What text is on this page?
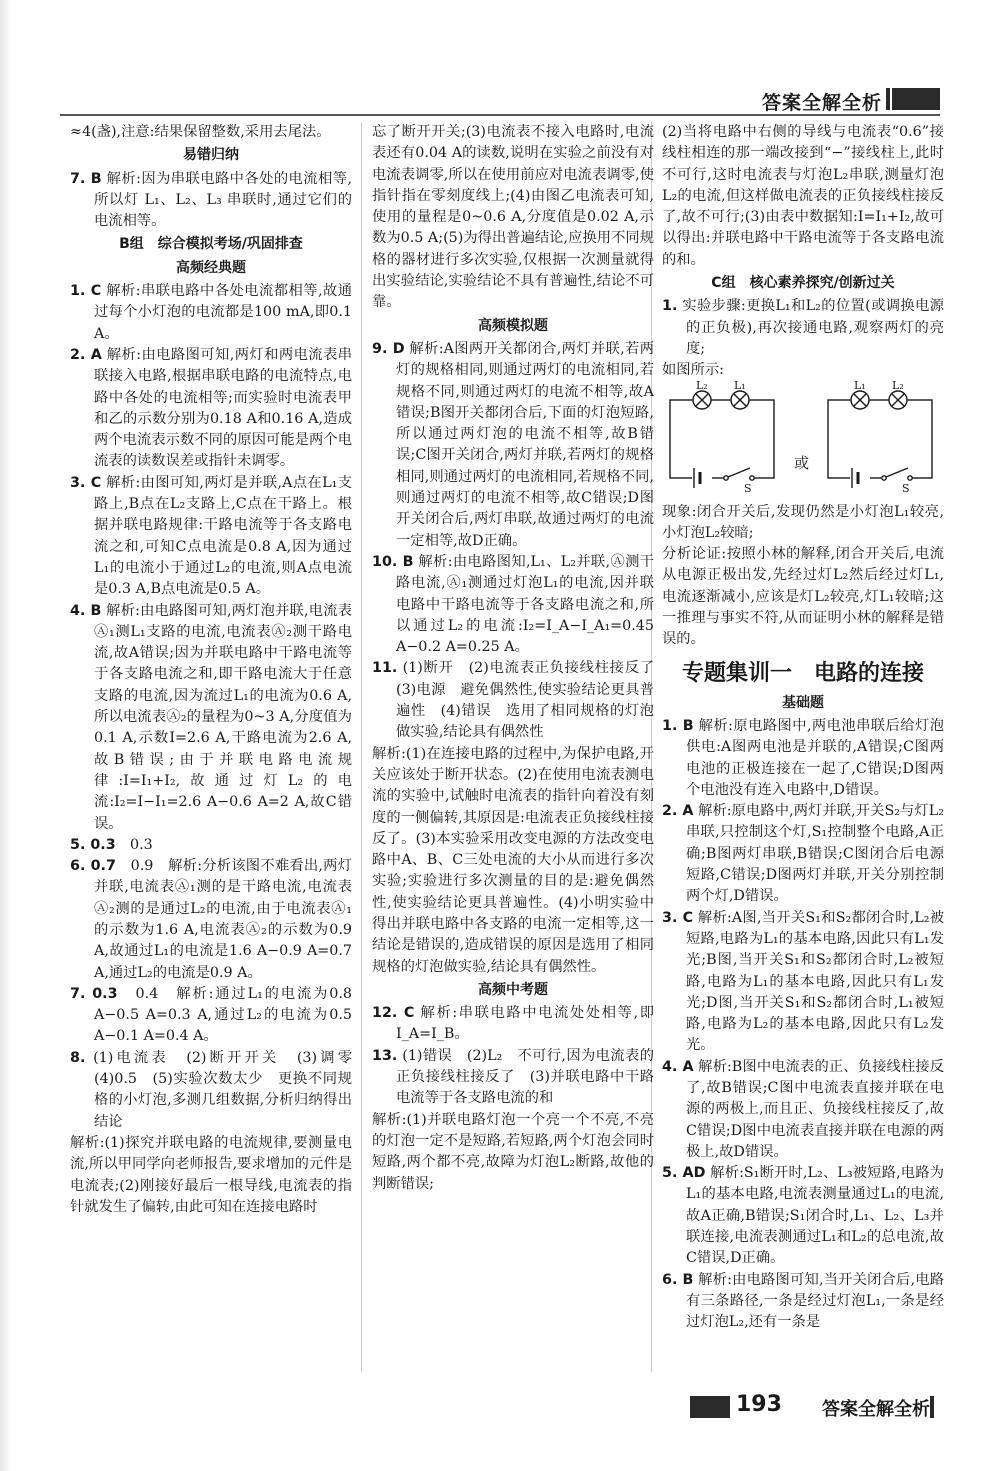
答案全解全析

≈4(盏),注意:结果保留整数,采用去尾法。

易错归纳

7. B 解析:因为串联电路中各处的电流相等,所以灯 L₁、L₂、L₃ 串联时,通过它们的电流相等。

B组　综合模拟考场/巩固排查

高频经典题

1. C 解析:串联电路中各处电流都相等,故通过每个小灯泡的电流都是100 mA,即0.1 A。

2. A 解析:由电路图可知,两灯和两电流表串联接入电路,根据串联电路的电流特点,电路中各处的电流相等;而实验时电流表甲和乙的示数分别为0.18 A和0.16 A,造成两个电流表示数不同的原因可能是两个电流表的读数误差或指针未调零。

3. C 解析:由图可知,两灯是并联,A点在L₁支路上,B点在L₂支路上,C点在干路上。根据并联电路规律:干路电流等于各支路电流之和,可知C点电流是0.8 A,因为通过L₁的电流小于通过L₂的电流,则A点电流是0.3 A,B点电流是0.5 A。

4. B 解析:由电路图可知,两灯泡并联,电流表Ⓐ₁测L₁支路的电流,电流表Ⓐ₂测干路电流,故A错误;因为并联电路中干路电流等于各支路电流之和,即干路电流大于任意支路的电流,因为流过L₁的电流为0.6 A,所以电流表Ⓐ₂的量程为0~3 A,分度值为0.1 A,示数I=2.6 A,干路电流为2.6 A,故B错误;由于并联电路电流规律:I=I₁+I₂,故通过灯L₂的电流:I₂=I−I₁=2.6 A−0.6 A=2 A,故C错误。

5. 0.3　0.3

6. 0.7　0.9　解析:分析该图不难看出,两灯并联,电流表Ⓐ₁测的是干路电流,电流表Ⓐ₂测的是通过L₂的电流,由于电流表Ⓐ₁的示数为1.6 A,电流表Ⓐ₂的示数为0.9 A,故通过L₁的电流是1.6 A−0.9 A=0.7 A,通过L₂的电流是0.9 A。

7. 0.3　0.4　解析:通过L₁的电流为0.8 A−0.5 A=0.3 A,通过L₂的电流为0.5 A−0.1 A=0.4 A。

8. (1)电流表　(2)断开开关　(3)调零　(4)0.5　(5)实验次数太少　更换不同规格的小灯泡,多测几组数据,分析归纳得出结论

解析:(1)探究并联电路的电流规律,要测量电流,所以甲同学向老师报告,要求增加的元件是电流表;(2)刚接好最后一根导线,电流表的指针就发生了偏转,由此可知在连接电路时

忘了断开开关;(3)电流表不接入电路时,电流表还有0.04 A的读数,说明在实验之前没有对电流表调零,所以在使用前应对电流表调零,使指针指在零刻度线上;(4)由图乙电流表可知,使用的量程是0~0.6 A,分度值是0.02 A,示数为0.5 A;(5)为得出普遍结论,应换用不同规格的器材进行多次实验,仅根据一次测量就得出实验结论,实验结论不具有普遍性,结论不可靠。

高频模拟题

9. D 解析:A图两开关都闭合,两灯并联,若两灯的规格相同,则通过两灯的电流相同,若规格不同,则通过两灯的电流不相等,故A错误;B图开关都闭合后,下面的灯泡短路,所以通过两灯泡的电流不相等,故B错误;C图开关闭合,两灯并联,若两灯的规格相同,则通过两灯的电流相同,若规格不同,则通过两灯的电流不相等,故C错误;D图开关闭合后,两灯串联,故通过两灯的电流一定相等,故D正确。

10. B 解析:由电路图知,L₁、L₂并联,Ⓐ测干路电流,Ⓐ₁测通过灯泡L₁的电流,因并联电路中干路电流等于各支路电流之和,所以通过L₂的电流:I₂=I_A−I_A₁=0.45 A−0.2 A=0.25 A。

11. (1)断开　(2)电流表正负接线柱接反了　(3)电源　避免偶然性,使实验结论更具普遍性　(4)错误　选用了相同规格的灯泡做实验,结论具有偶然性

解析:(1)在连接电路的过程中,为保护电路,开关应该处于断开状态。(2)在使用电流表测电流的实验中,试触时电流表的指针向着没有刻度的一侧偏转,其原因是:电流表正负接线柱接反了。(3)本实验采用改变电源的方法改变电路中A、B、C三处电流的大小从而进行多次实验;实验进行多次测量的目的是:避免偶然性,使实验结论更具普遍性。(4)小明实验中得出并联电路中各支路的电流一定相等,这一结论是错误的,造成错误的原因是选用了相同规格的灯泡做实验,结论具有偶然性。

高频中考题

12. C 解析:串联电路中电流处处相等,即I_A=I_B。

13. (1)错误　(2)L₂　不可行,因为电流表的正负接线柱接反了　(3)并联电路中干路电流等于各支路电流的和

解析:(1)并联电路灯泡一个亮一个不亮,不亮的灯泡一定不是短路,若短路,两个灯泡会同时短路,两个都不亮,故障为灯泡L₂断路,故他的判断错误;

(2)当将电路中右侧的导线与电流表“0.6”接线柱相连的那一端改接到“−”接线柱上,此时不可行,这时电流表与灯泡L₂串联,测量灯泡L₂的电流,但这样做电流表的正负接线柱接反了,故不可行;(3)由表中数据知:I=I₁+I₂,故可以得出:并联电路中干路电流等于各支路电流的和。

C组　核心素养探究/创新过关

1. 实验步骤:更换L₁和L₂的位置(或调换电源的正负极),再次接通电路,观察两灯的亮度;

如图所示:

L₂ L₁	L₁ L₂
S	S
或

现象:闭合开关后,发现仍然是小灯泡L₁较亮,小灯泡L₂较暗;

分析论证:按照小林的解释,闭合开关后,电流从电源正极出发,先经过灯L₂然后经过灯L₁,电流逐渐减小,应该是灯L₂较亮,灯L₁较暗;这一推理与事实不符,从而证明小林的解释是错误的。

专题集训一　电路的连接

基础题

1. B 解析:原电路图中,两电池串联后给灯泡供电:A图两电池是并联的,A错误;C图两电池的正极连接在一起了,C错误;D图两个电池没有连入电路中,D错误。

2. A 解析:原电路中,两灯并联,开关S₂与灯L₂串联,只控制这个灯,S₁控制整个电路,A正确;B图两灯串联,B错误;C图闭合后电源短路,C错误;D图两灯并联,开关分别控制两个灯,D错误。

3. C 解析:A图,当开关S₁和S₂都闭合时,L₂被短路,电路为L₁的基本电路,因此只有L₁发光;B图,当开关S₁和S₂都闭合时,L₂被短路,电路为L₁的基本电路,因此只有L₁发光;D图,当开关S₁和S₂都闭合时,L₁被短路,电路为L₂的基本电路,因此只有L₂发光。

4. A 解析:B图中电流表的正、负接线柱接反了,故B错误;C图中电流表直接并联在电源的两极上,而且正、负接线柱接反了,故C错误;D图中电流表直接并联在电源的两极上,故D错误。

5. AD 解析:S₁断开时,L₂、L₃被短路,电路为L₁的基本电路,电流表测量通过L₁的电流,故A正确,B错误;S₁闭合时,L₁、L₂、L₃并联连接,电流表测通过L₁和L₂的总电流,故C错误,D正确。

6. B 解析:由电路图可知,当开关闭合后,电路有三条路径,一条是经过灯泡L₁,一条是经过灯泡L₂,还有一条是

193 答案全解全析
